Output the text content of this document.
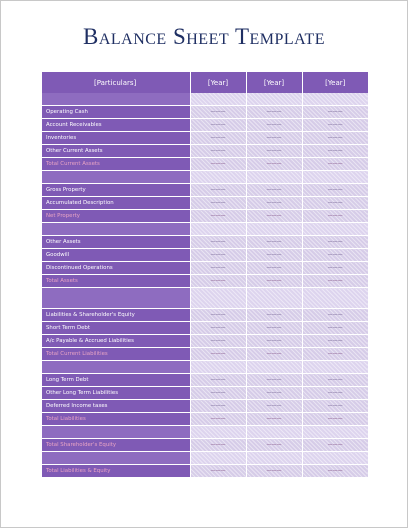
Balance Sheet Template
[Particulars]	[Year]	[Year]	[Year]

Operating Cash	———	———	———
Account Receivables	———	———	———
Inventories	———	———	———
Other Current Assets	———	———	———
Total Current Assets	———	———	———

Gross Property	———	———	———
Accumulated Description	———	———	———
Net Property	———	———	———

Other Assets	———	———	———
Goodwill	———	———	———
Discontinued Operations	———	———	———
Total Assets	———	———	———

Liabilities & Shareholder's Equity	———	———	———
Short Term Debt	———	———	———
A/c Payable & Accrued Liabilities	———	———	———
Total Current Liabilities	———	———	———

Long Term Debt	———	———	———
Other Long Term Liabilities	———	———	———
Deferred Income taxes	———	———	———
Total Liabilities	———	———	———

Total Shareholder's Equity	———	———	———

Total Liabilities & Equity	———	———	———
